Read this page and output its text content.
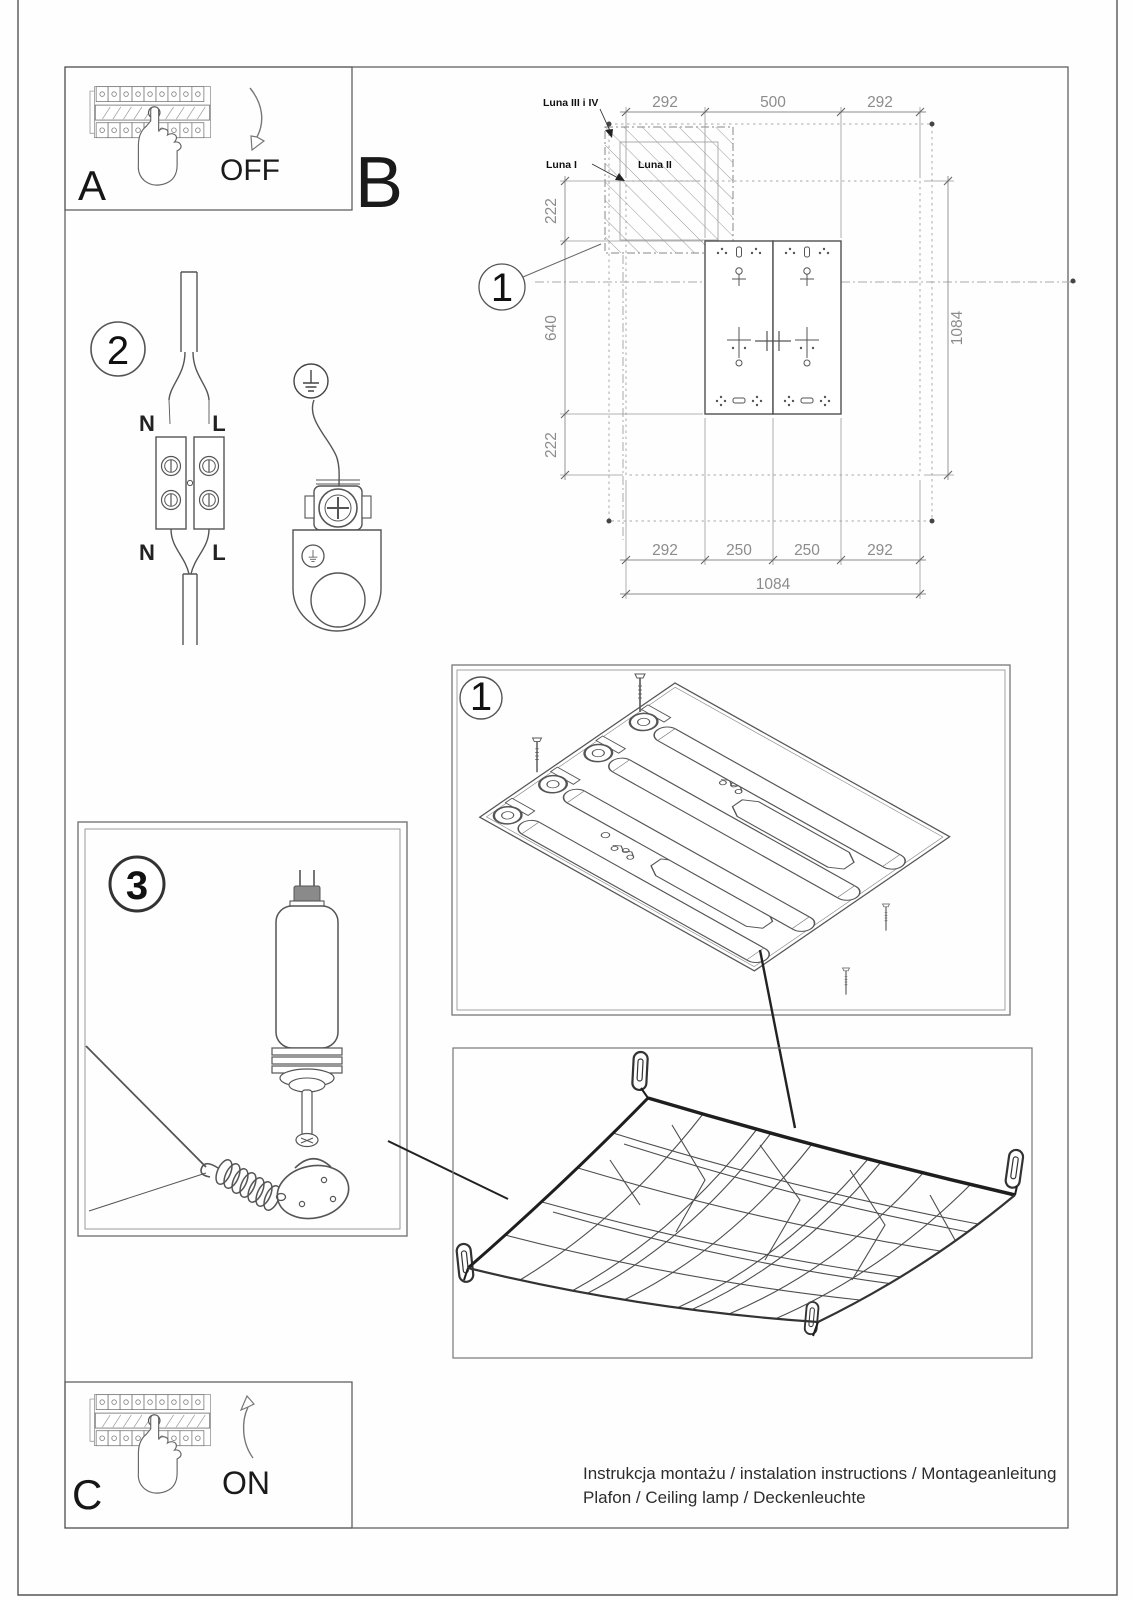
A	OFF B
292	500	292
222
640
222
1084
292	250	250	292
1084
Luna III i IV
Luna I	Luna II
1
2
N	L
N	L
3
1
C	ON	Instrukcja montażu / instalation instructions / Montageanleitung
Plafon / Ceiling lamp / Deckenleuchte
